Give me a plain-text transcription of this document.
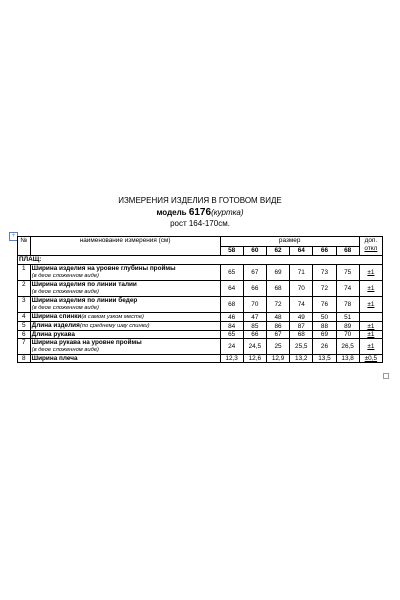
ИЗМЕРЕНИЯ ИЗДЕЛИЯ В ГОТОВОМ ВИДЕ
модель 6176(куртка)
рост 164-170см.
+
№	наименование измерения (см)	размер						доп.
откл

		58	60	62	64	66	68	
ПЛАЩ:								
1	Ширина изделия на уровне глубины проймы
(в деое сложенном виде)	65	67	69	71	73	75	±1
2	Ширина изделия по линии талии
(в деое сложенном виде)	64	66	68	70	72	74	±1
3	Ширина изделия по линии бедер
(в деое сложенном виде)	68	70	72	74	76	78	±1
4	Ширина спинки(в самом узком месте)	46	47	48	49	50	51	
5	Длина изделия(по среднему шву спинки)	84	85	86	87	88	89	±1
6	Длина рукава	65	66	67	68	69	70	±1
7	Ширина рукава на уровне проймы
(в деое сложенном виде)	24	24,5	25	25,5	26	26,5	±1
8	Ширина плеча	12,3	12,6	12,9	13,2	13,5	13,8	±0,5
